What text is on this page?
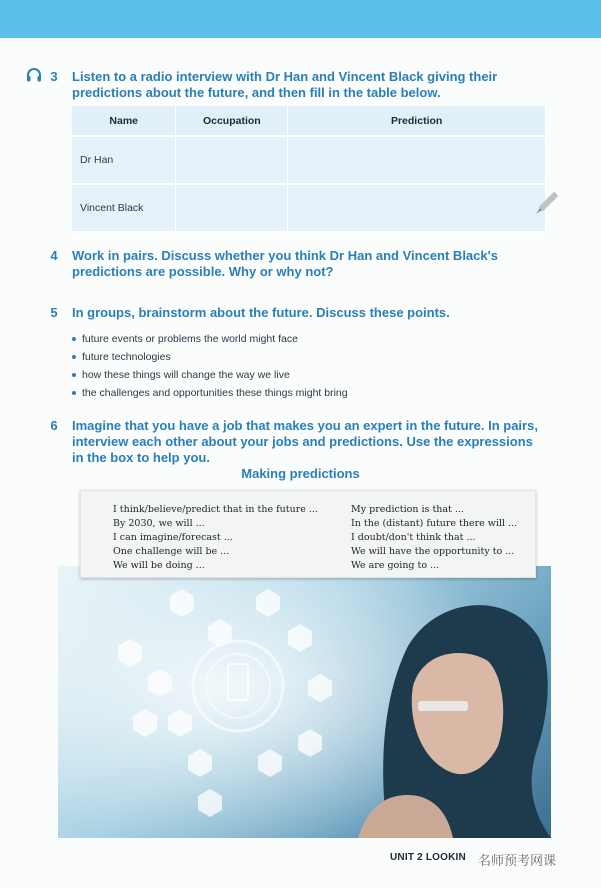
3	Listen to a radio interview with Dr Han and Vincent Black giving their predictions about the future, and then fill in the table below.
Name	Occupation	Prediction
Dr Han		
Vincent Black		
4	Work in pairs. Discuss whether you think Dr Han and Vincent Black's predictions are possible. Why or why not?
5	In groups, brainstorm about the future. Discuss these points.
future events or problems the world might face
future technologies
how these things will change the way we live
the challenges and opportunities these things might bring
6	Imagine that you have a job that makes you an expert in the future. In pairs, interview each other about your jobs and predictions. Use the expressions in the box to help you.
Making predictions
I think/believe/predict that in the future ...
By 2030, we will ...
I can imagine/forecast ...
One challenge will be ...
We will be doing ...
My prediction is that ...
In the (distant) future there will ...
I doubt/don't think that ...
We will have the opportunity to ...
We are going to ...
UNIT 2 LOOKIN 名师预考网课
